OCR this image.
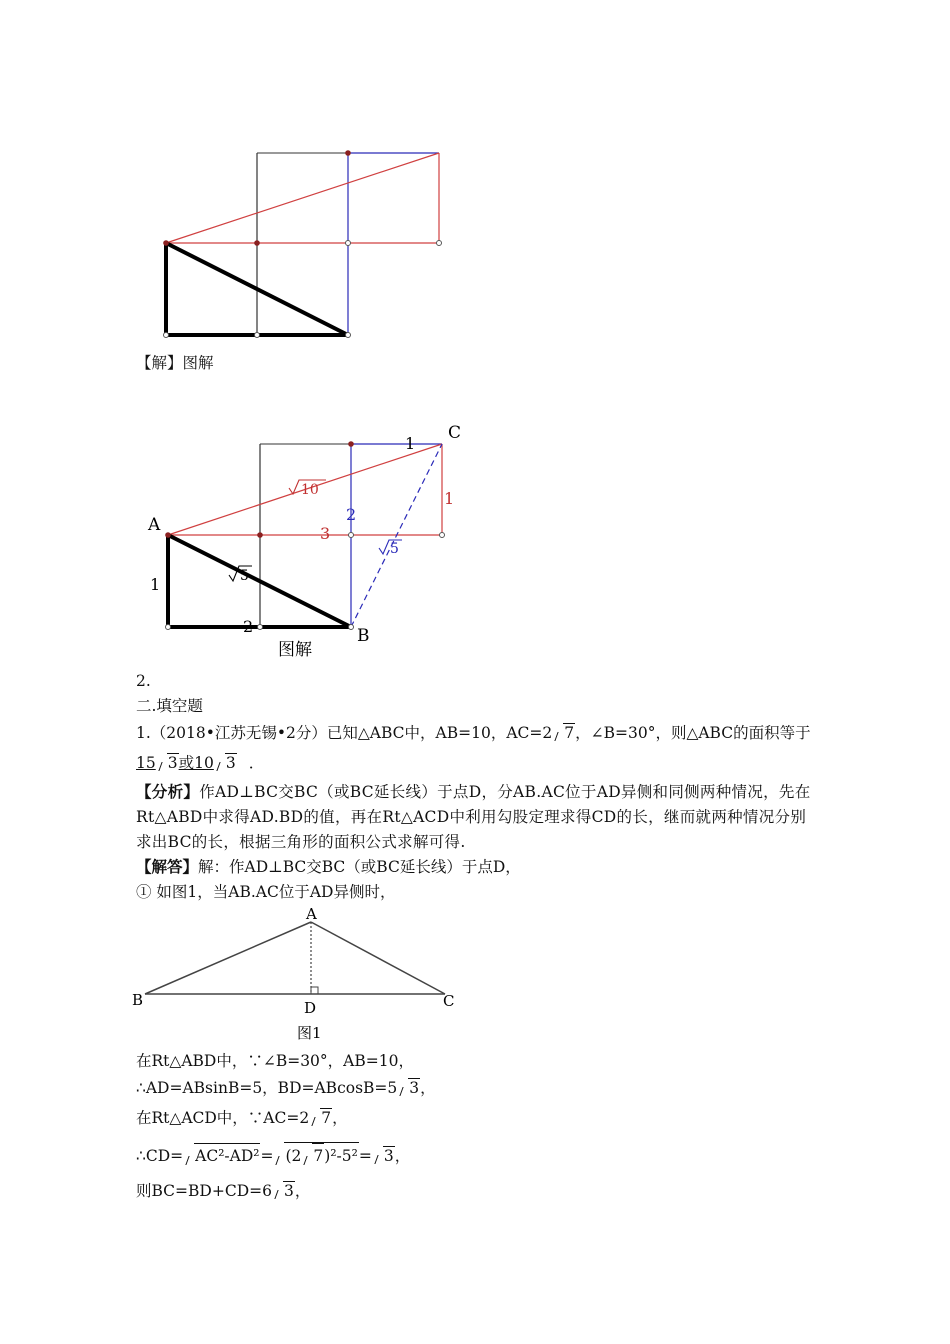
【解】图解
A
B
C
1
1
1
2
2
3
10
5
5
图解
2.
二.填空题
1.（2018•江苏无锡•2分）已知△ABC中，AB=10，AC=2 7，∠B=30°，则△ABC的面积等于
15 3或10 3 ．
【分析】作AD⊥BC交BC（或BC延长线）于点D，分AB.AC位于AD异侧和同侧两种情况，先在Rt△ABD中求得AD.BD的值，再在Rt△ACD中利用勾股定理求得CD的长，继而就两种情况分别求出BC的长，根据三角形的面积公式求解可得.
【解答】解：作AD⊥BC交BC（或BC延长线）于点D，
① 如图1，当AB.AC位于AD异侧时，
A
B	C
D
图1
在Rt△ABD中，∵∠B=30°，AB=10，
∴AD=ABsinB=5，BD=ABcosB=5 3，
在Rt△ACD中，∵AC=2 7，
∴CD= AC²-AD²= (2 7)²-5²= 3，
则BC=BD+CD=6 3，
